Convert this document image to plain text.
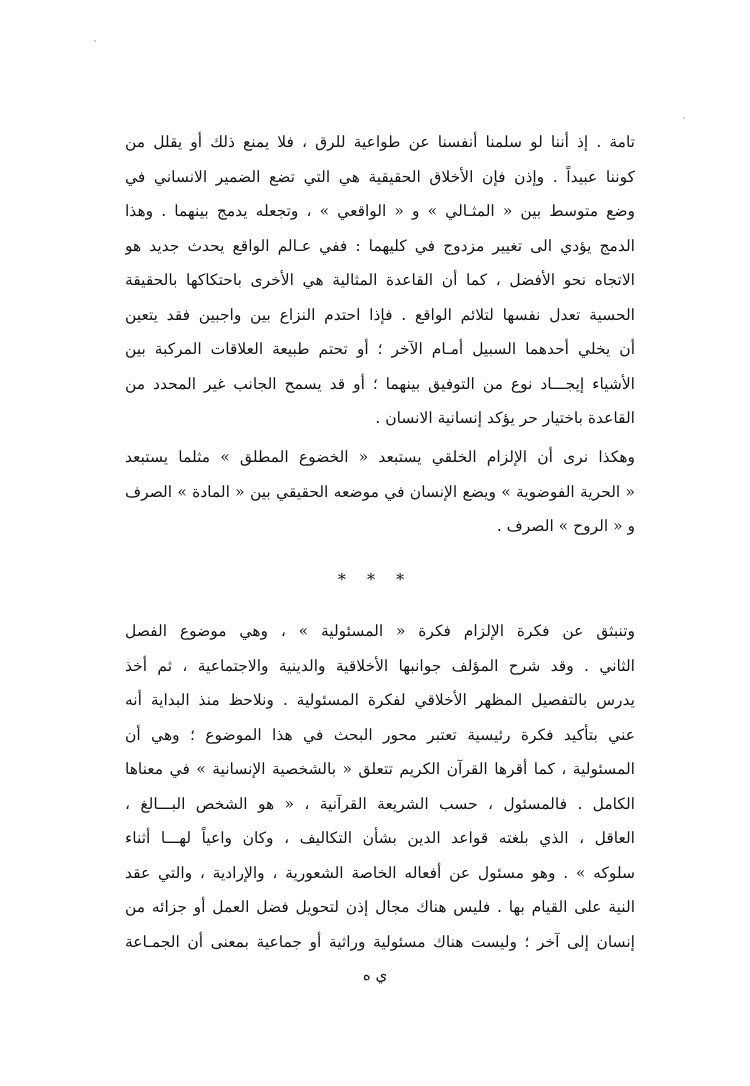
تامة . إذ أننا لو سلمنا أنفسنا عن طواعية للرق ، فلا يمنع ذلك أو يقلل من
كوننا عبيداً . وإذن فإن الأخلاق الحقيقية هي التي تضع الضمير الانساني في
وضع متوسط بين « المثـالي » و « الواقعي » ، وتجعله يدمج بينهما . وهذا
الدمج يؤدي الى تغيير مزدوج في كليهما : ففي عـالم الواقع يحدث جديد هو
الاتجاه نحو الأفضل ، كما أن القاعدة المثالية هي الأخرى باحتكاكها بالحقيقة
الحسية تعدل نفسها لتلائم الواقع . فإذا احتدم النزاع بين واجبين فقد يتعين
أن يخلي أحدهما السبيل أمـام الآخر ؛ أو تحتم طبيعة العلاقات المركبة بين
الأشياء إيجـــاد نوع من التوفيق بينهما ؛ أو قد يسمح الجانب غير المحدد من
القاعدة باختيار حر يؤكد إنسانية الانسان .
وهكذا نرى أن الإلزام الخلقي يستبعد « الخضوع المطلق » مثلما يستبعد
« الحرية الفوضوية » ويضع الإنسان في موضعه الحقيقي بين « المادة » الصرف
و « الروح » الصرف .
* * *
وتنبثق عن فكرة الإلزام فكرة « المسئولية » ، وهي موضوع الفصل
الثاني . وقد شرح المؤلف جوانبها الأخلاقية والدينية والاجتماعية ، ثم أخذ
يدرس بالتفصيل المظهر الأخلاقي لفكرة المسئولية . ونلاحظ منذ البداية أنه
عني بتأكيد فكرة رئيسية تعتبر محور البحث في هذا الموضوع ؛ وهي أن
المسئولية ، كما أقرها القرآن الكريم تتعلق « بالشخصية الإنسانية » في معناها
الكامل . فالمسئول ، حسب الشريعة القرآنية ، « هو الشخص البـــالغ ،
العاقل ، الذي بلغته قواعد الدين بشأن التكاليف ، وكان واعياً لهـــا أثناء
سلوكه » . وهو مسئول عن أفعاله الخاصة الشعورية ، والإرادية ، والتي عقد
النية على القيام بها . فليس هناك مجال إذن لتحويل فضل العمل أو جزائه من
إنسان إلى آخر ؛ وليست هناك مسئولية وراثية أو جماعية بمعنى أن الجمـاعة
ي ه
